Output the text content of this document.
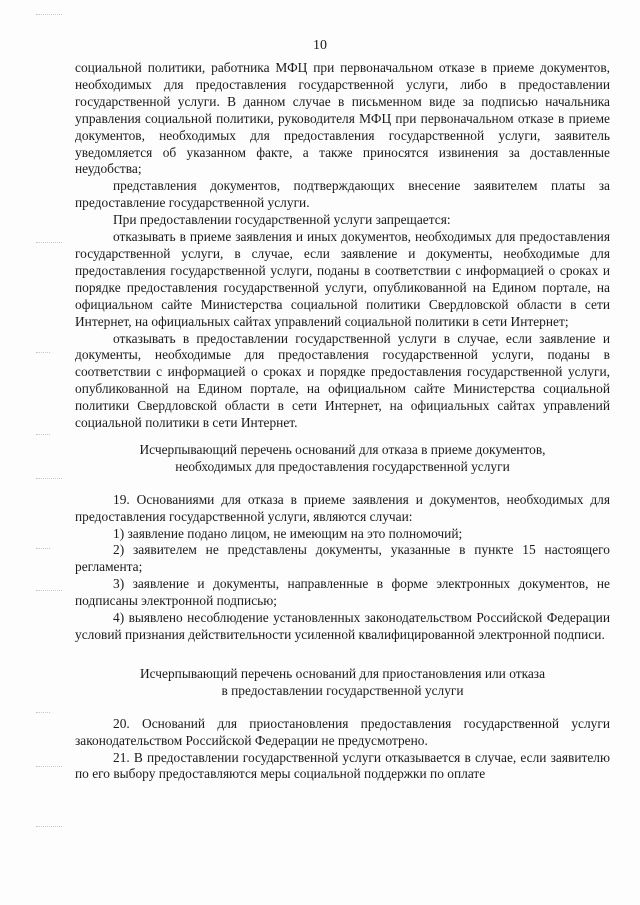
10

социальной политики, работника МФЦ при первоначальном отказе в приеме документов, необходимых для предоставления государственной услуги, либо в предоставлении государственной услуги. В данном случае в письменном виде за подписью начальника управления социальной политики, руководителя МФЦ при первоначальном отказе в приеме документов, необходимых для предоставления государственной услуги, заявитель уведомляется об указанном факте, а также приносятся извинения за доставленные неудобства;

представления документов, подтверждающих внесение заявителем платы за предоставление государственной услуги.

При предоставлении государственной услуги запрещается:

отказывать в приеме заявления и иных документов, необходимых для предоставления государственной услуги, в случае, если заявление и документы, необходимые для предоставления государственной услуги, поданы в соответствии с информацией о сроках и порядке предоставления государственной услуги, опубликованной на Едином портале, на официальном сайте Министерства социальной политики Свердловской области в сети Интернет, на официальных сайтах управлений социальной политики в сети Интернет;

отказывать в предоставлении государственной услуги в случае, если заявление и документы, необходимые для предоставления государственной услуги, поданы в соответствии с информацией о сроках и порядке предоставления государственной услуги, опубликованной на Едином портале, на официальном сайте Министерства социальной политики Свердловской области в сети Интернет, на официальных сайтах управлений социальной политики в сети Интернет.

Исчерпывающий перечень оснований для отказа в приеме документов,

необходимых для предоставления государственной услуги

19. Основаниями для отказа в приеме заявления и документов, необходимых для предоставления государственной услуги, являются случаи:

1) заявление подано лицом, не имеющим на это полномочий;

2) заявителем не представлены документы, указанные в пункте 15 настоящего регламента;

3) заявление и документы, направленные в форме электронных документов, не подписаны электронной подписью;

4) выявлено несоблюдение установленных законодательством Российской Федерации условий признания действительности усиленной квалифицированной электронной подписи.

Исчерпывающий перечень оснований для приостановления или отказа

в предоставлении государственной услуги

20. Оснований для приостановления предоставления государственной услуги законодательством Российской Федерации не предусмотрено.

21. В предоставлении государственной услуги отказывается в случае, если заявителю по его выбору предоставляются меры социальной поддержки по оплате
